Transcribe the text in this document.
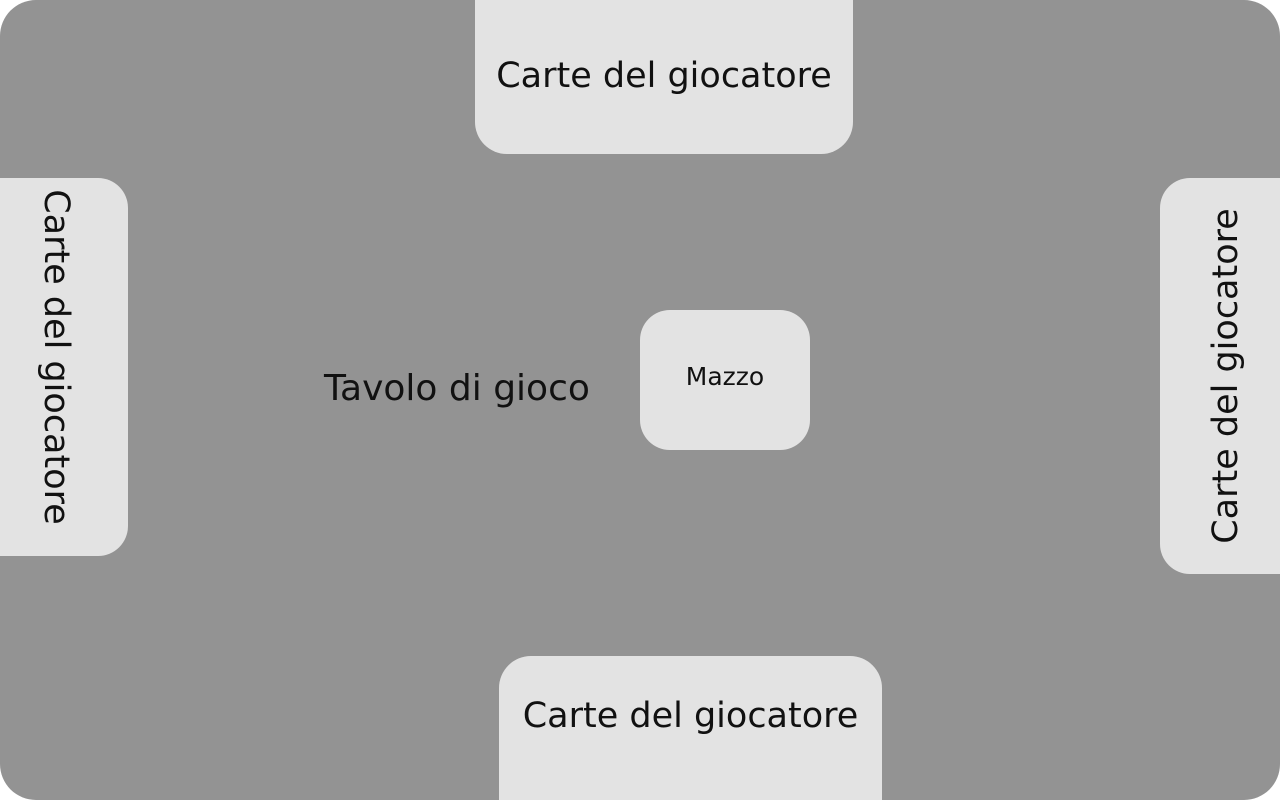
Carte del giocatore
Carte del giocatore	Carte del giocatore
Carte del giocatore
Tavolo di gioco	Mazzo
